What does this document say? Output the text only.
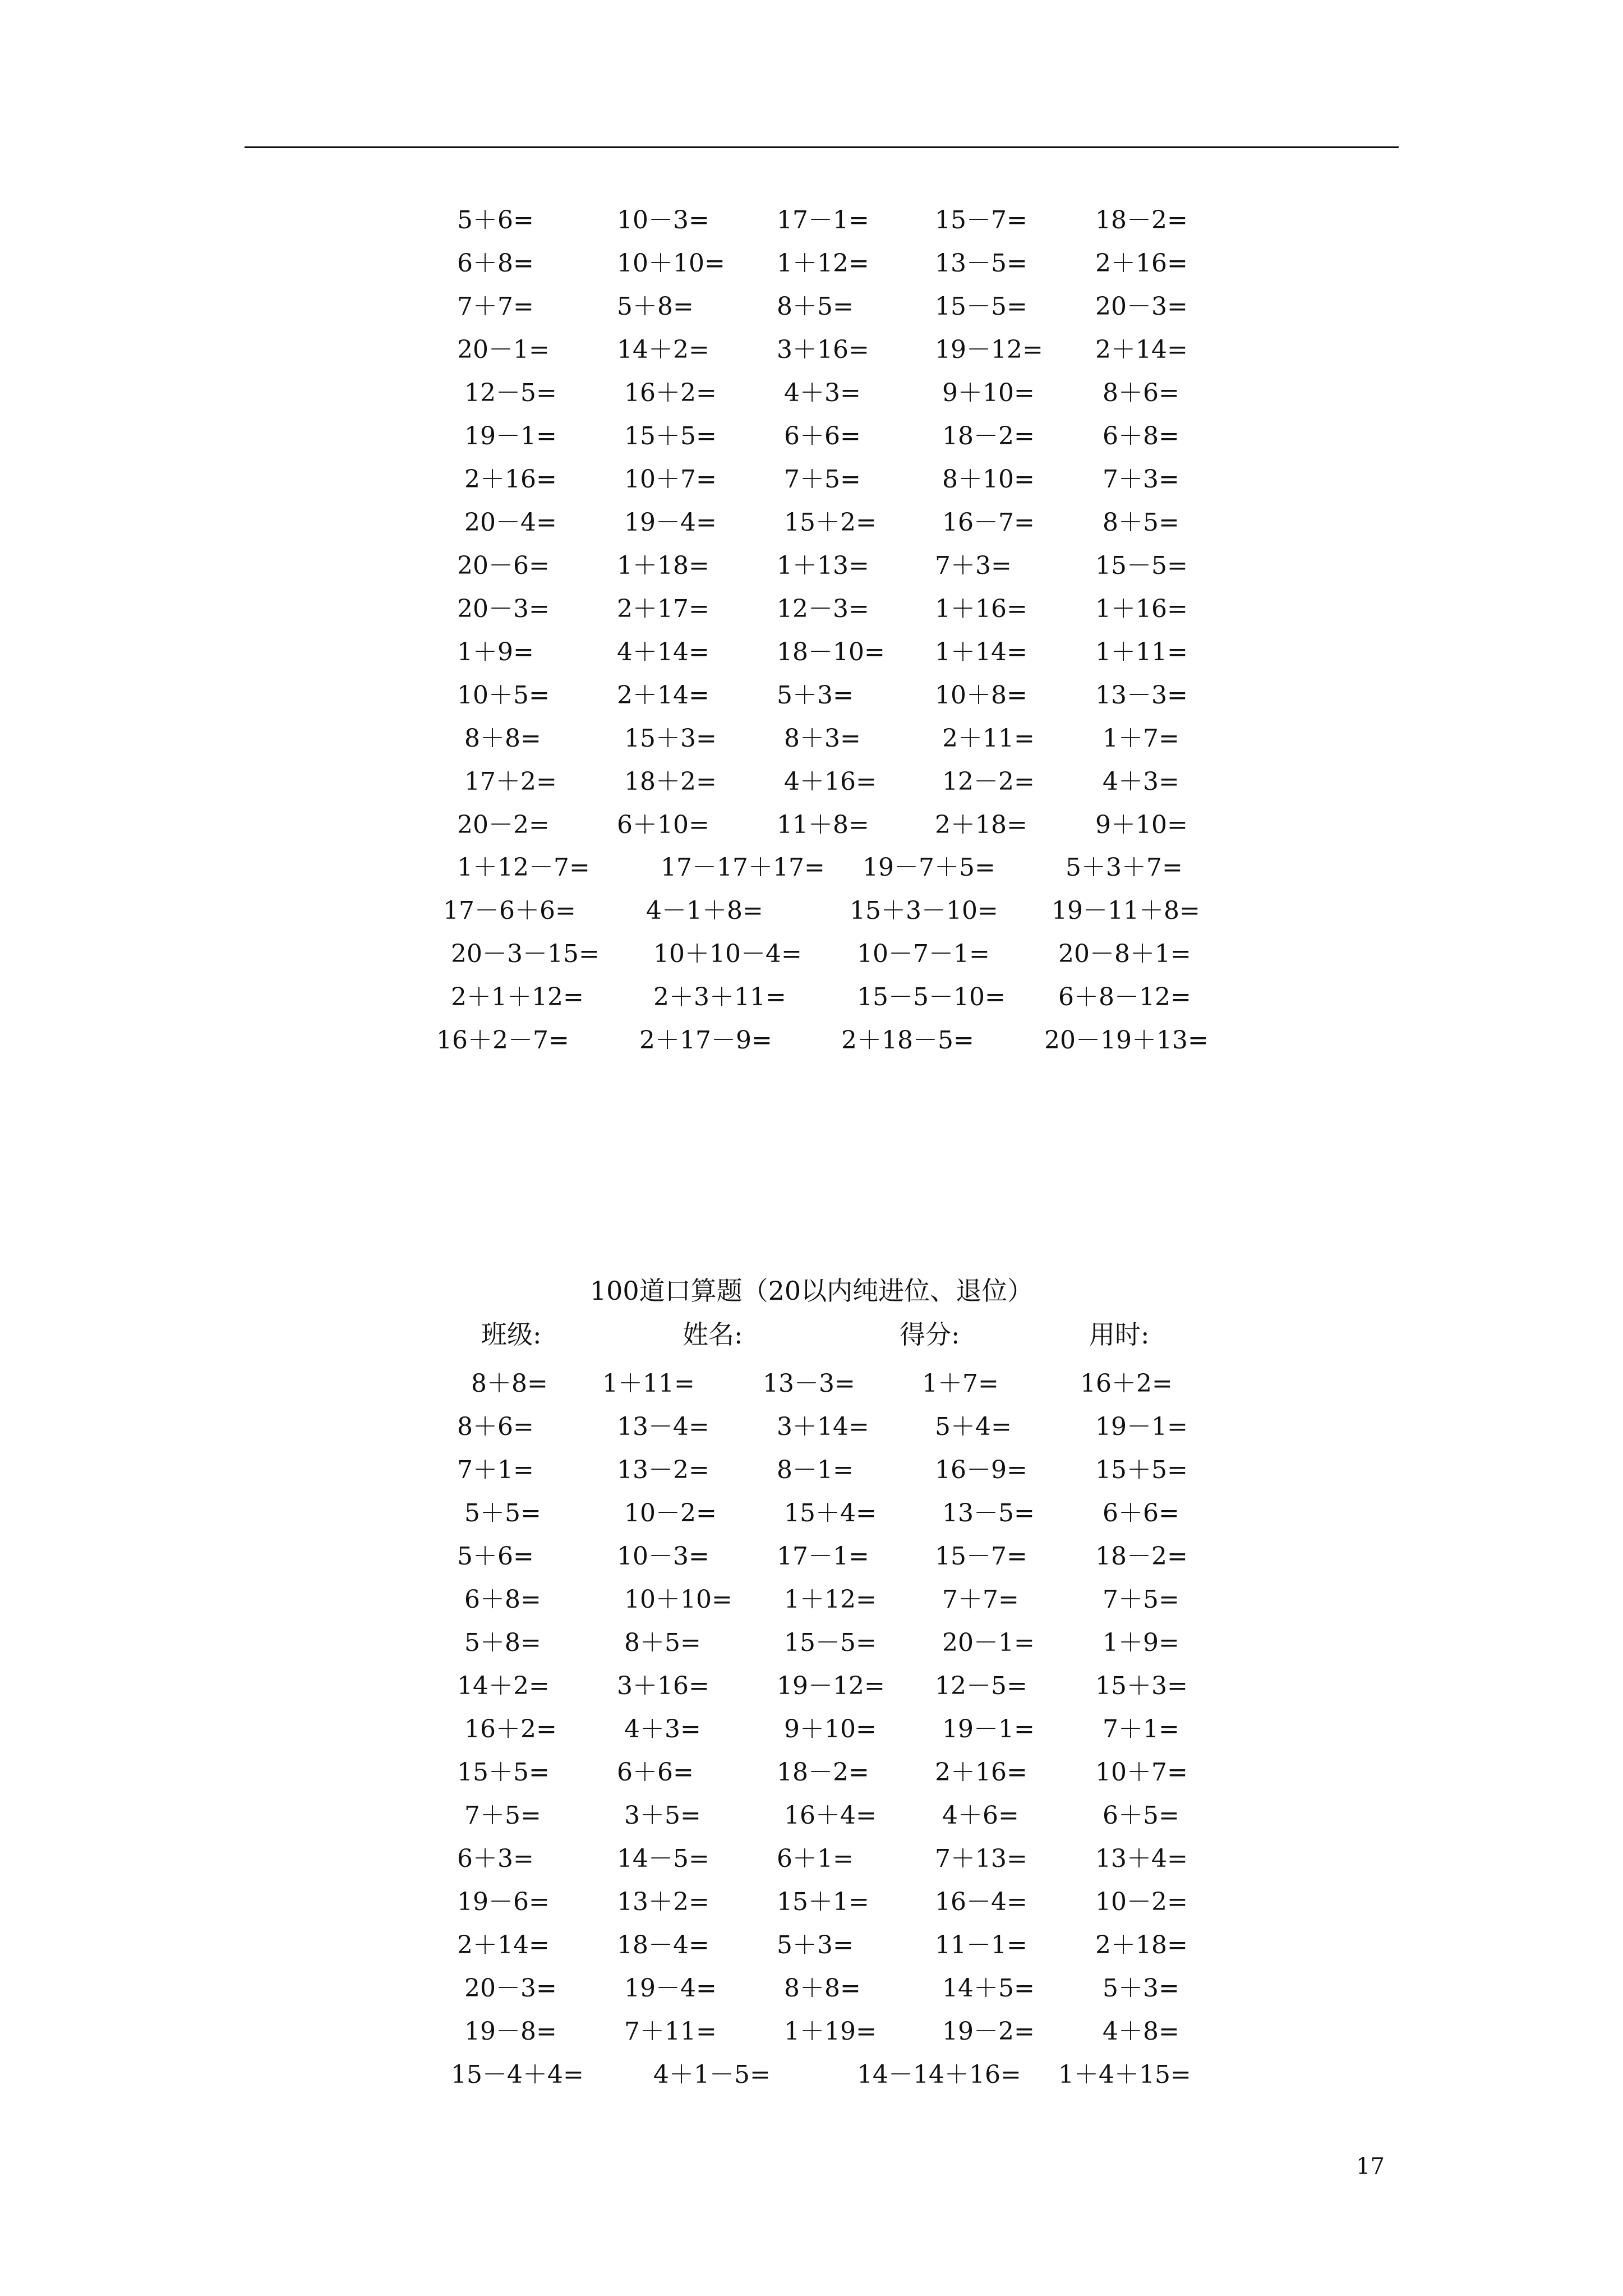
5＋6=	10－3=	17－1=	15－7=	18－2=
6＋8=	10＋10= 1＋12=	13－5=	2＋16=
7＋7=	5＋8=	8＋5=	15－5=	20－3=
20－1=	14＋2=	3＋16=	19－12= 2＋14=
12－5=	16＋2=	4＋3=	9＋10=	8＋6=
19－1=	15＋5=	6＋6=	18－2=	6＋8=
2＋16=	10＋7=	7＋5=	8＋10=	7＋3=
20－4=	19－4=	15＋2=	16－7=	8＋5=
20－6=	1＋18=	1＋13=	7＋3=	15－5=
20－3=	2＋17=	12－3=	1＋16=	1＋16=
1＋9=	4＋14=	18－10= 1＋14=	1＋11=
10＋5=	2＋14=	5＋3=	10＋8=	13－3=
8＋8=	15＋3=	8＋3=	2＋11=	1＋7=
17＋2=	18＋2=	4＋16=	12－2=	4＋3=
20－2=	6＋10=	11＋8=	2＋18=	9＋10=
1＋12－7=	17－17＋17= 19－7＋5=	5＋3＋7=
17－6＋6=	4－1＋8=	15＋3－10= 19－11＋8=
20－3－15= 10＋10－4= 10－7－1=	20－8＋1=
2＋1＋12=	2＋3＋11=	15－5－10= 6＋8－12=
16＋2－7=	2＋17－9=	2＋18－5=	20－19＋13=
8＋8= 1＋11=	13－3=	1＋7=	16＋2=
8＋6=	13－4=	3＋14=	5＋4=	19－1=
7＋1=	13－2=	8－1=	16－9=	15＋5=
5＋5=	10－2=	15＋4=	13－5=	6＋6=
5＋6=	10－3=	17－1=	15－7=	18－2=
6＋8=	10＋10= 1＋12=	7＋7=	7＋5=
5＋8=	8＋5=	15－5=	20－1=	1＋9=
14＋2=	3＋16=	19－12= 12－5=	15＋3=
16＋2=	4＋3=	9＋10=	19－1=	7＋1=
15＋5=	6＋6=	18－2=	2＋16=	10＋7=
7＋5=	3＋5=	16＋4=	4＋6=	6＋5=
6＋3=	14－5=	6＋1=	7＋13=	13＋4=
19－6=	13＋2=	15＋1=	16－4=	10－2=
2＋14=	18－4=	5＋3=	11－1=	2＋18=
20－3=	19－4=	8＋8=	14＋5=	5＋3=
19－8=	7＋11=	1＋19=	19－2=	4＋8=
15－4＋4=	4＋1－5=	14－14＋16= 1＋4＋15=
100道口算题（20以内纯进位、退位）
班级:	姓名:	得分:	用时:
17
